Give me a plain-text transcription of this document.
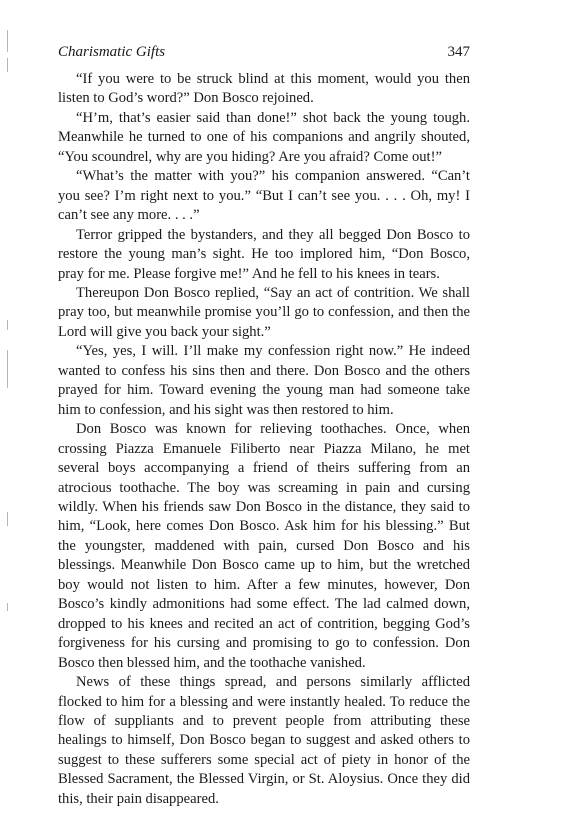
Charismatic Gifts	347

“If you were to be struck blind at this moment, would you then listen to God’s word?” Don Bosco rejoined.

“H’m, that’s easier said than done!” shot back the young tough. Meanwhile he turned to one of his companions and angrily shouted, “You scoundrel, why are you hiding? Are you afraid? Come out!”

“What’s the matter with you?” his companion answered. “Can’t you see? I’m right next to you.” “But I can’t see you. . . . Oh, my! I can’t see any more. . . .”

Terror gripped the bystanders, and they all begged Don Bosco to restore the young man’s sight. He too implored him, “Don Bosco, pray for me. Please forgive me!” And he fell to his knees in tears.

Thereupon Don Bosco replied, “Say an act of contrition. We shall pray too, but meanwhile promise you’ll go to confession, and then the Lord will give you back your sight.”

“Yes, yes, I will. I’ll make my confession right now.” He indeed wanted to confess his sins then and there. Don Bosco and the others prayed for him. Toward evening the young man had someone take him to confession, and his sight was then restored to him.

Don Bosco was known for relieving toothaches. Once, when crossing Piazza Emanuele Filiberto near Piazza Milano, he met several boys accompanying a friend of theirs suffering from an atrocious toothache. The boy was screaming in pain and cursing wildly. When his friends saw Don Bosco in the distance, they said to him, “Look, here comes Don Bosco. Ask him for his blessing.” But the youngster, maddened with pain, cursed Don Bosco and his blessings. Meanwhile Don Bosco came up to him, but the wretched boy would not listen to him. After a few minutes, however, Don Bosco’s kindly admonitions had some effect. The lad calmed down, dropped to his knees and recited an act of contrition, begging God’s forgiveness for his cursing and promising to go to confession. Don Bosco then blessed him, and the toothache vanished.

News of these things spread, and persons similarly afflicted flocked to him for a blessing and were instantly healed. To reduce the flow of suppliants and to prevent people from attributing these healings to himself, Don Bosco began to suggest and asked others to suggest to these sufferers some special act of piety in honor of the Blessed Sacrament, the Blessed Virgin, or St. Aloysius. Once they did this, their pain disappeared.
